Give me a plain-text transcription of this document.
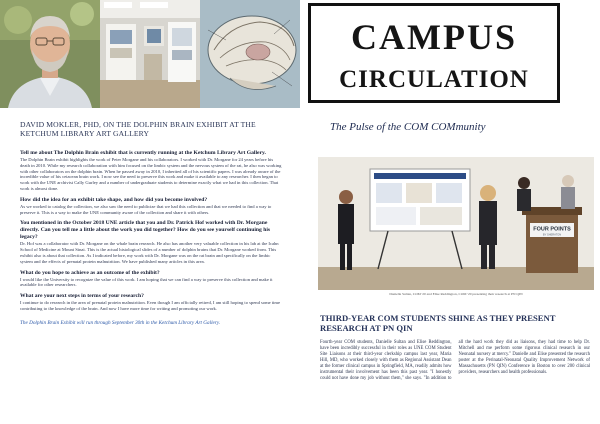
DAVID MOKLER, PHD, ON THE DOLPHIN BRAIN EXHIBIT AT THE KETCHUM LIBRARY ART GALLERY

Tell me about The Dolphin Brain exhibit that is currently running at the Ketchum Library Art Gallery.

The Dolphin Brain exhibit highlights the work of Peter Morgane and his collaborators. I worked with Dr. Morgane for 24 years before his death in 2010. While my research collaboration with him focused on the limbic system and the nervous system of the rat, he also was working with other collaborators on the dolphin brain. When he passed away in 2010, I inherited all of his scientific papers. I was already aware of the incredible value of his cetacean brain work. I now see the need to preserve this work and make it available to any researcher. I then began to work with the UNE archivist Cally Gurley and a number of undergraduate students to determine exactly what we had in this collection. That work is almost done.

How did the idea for an exhibit take shape, and how did you become involved?

As we worked to catalog the collection, we also saw the need to publicize that we had this collection and that we needed to find a way to preserve it. This is a way to make the UNE community aware of the collection and share it with others.

You mentioned in the October 2018 UNE article that you and Dr. Patrick Hof worked with Dr. Morgane directly. Can you tell me a little about the work you did together? How do you see yourself continuing his legacy?

Dr. Hof was a collaborator with Dr. Morgane on the whale brain research. He also has another very valuable collection in his lab at the Icahn School of Medicine at Mount Sinai. This is the actual histological slides of a number of dolphin brains that Dr. Morgane worked from. This exhibit also is about that collection. As I indicated before, my work with Dr. Morgane was on the rat brain and specifically on the limbic system and the effects of prenatal protein malnutrition. We have published many articles in this area.

What do you hope to achieve as an outcome of the exhibit?

I would like the University to recognize the value of this work. I am hoping that we can find a way to preserve this collection and make it available for other researchers.

What are your next steps in terms of your research?

I continue to do research in the area of prenatal protein malnutrition. Even though I am officially retired, I am still hoping to spend some time contributing to the knowledge of the brain. And now I have more time for writing and promoting our work.

The Dolphin Brain Exhibit will run through September 30th in the Ketchum Library Art Gallery.

CAMPUS
CIRCULATION
The Pulse of the COM COMmunity
FOUR POINTS
BY SHERATON
Danielle Sultan, COM '20 and Elise Reddington, COM '20 presenting their research at PN QIN
THIRD-YEAR COM STUDENTS SHINE AS THEY PRESENT RESEARCH AT PN QIN
Fourth-year COM students, Danielle Sultan and Elise Reddington, have been incredibly successful in their roles as UNE COM Student Site Liaisons at their third-year clerkship campus last year, Maria Hill, MD, who worked closely with them as Regional Assistant Dean at the former clinical campus in Springfield, MA, readily admits how instrumental their involvement has been this past year. "I honestly could not have done my job without them," she says. "In addition to all the hard work they did as liaisons, they had time to help Dr. Mitchell and me perform some rigorous clinical research in our Neonatal nursery at mercy." Danielle and Elise presented the research poster at the Perinatal-Neonatal Quality Improvement Network of Massachusetts (PN QIN) Conference in Boston to over 200 clinical providers, researchers and health professionals.
